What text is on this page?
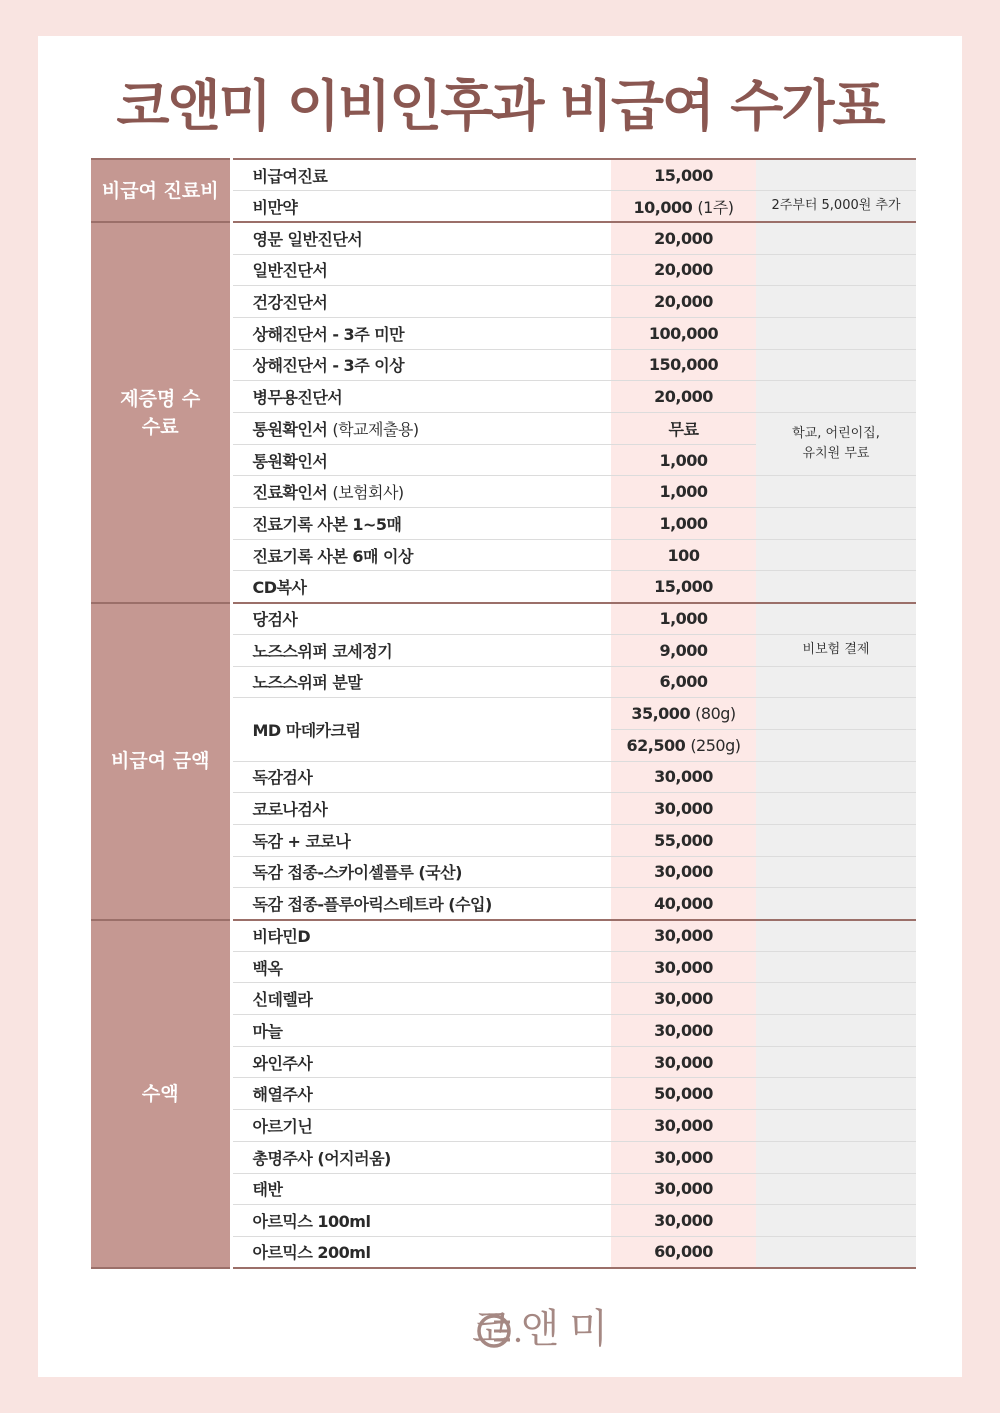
코앤미 이비인후과 비급여 수가표
비급여 진료비	비급여진료	15,000	
	비만약	10,000 (1주)	2주부터 5,000원 추가
제증명 수수료	영문 일반진단서	20,000	
	일반진단서	20,000	
	건강진단서	20,000	
	상해진단서 - 3주 미만	100,000	
	상해진단서 - 3주 이상	150,000	
	병무용진단서	20,000	
	통원확인서 (학교제출용)	무료	학교, 어린이집, 유치원 무료
	통원확인서	1,000	
	진료확인서 (보험회사)	1,000	
	진료기록 사본 1~5매	1,000	
	진료기록 사본 6매 이상	100	
	CD복사	15,000	
비급여 금액	당검사	1,000	
	노즈스위퍼 코세정기	9,000	비보험 결제
	노즈스위퍼 분말	6,000	
	MD 마데카크림	35,000 (80g)	
		62,500 (250g)	
	독감검사	30,000	
	코로나검사	30,000	
	독감 + 코로나	55,000	
	독감 접종-스카이셀플루 (국산)	30,000	
	독감 접종-플루아릭스테트라 (수입)	40,000	
수액	비타민D	30,000	
	백옥	30,000	
	신데렐라	30,000	
	마늘	30,000	
	와인주사	30,000	
	해열주사	50,000	
	아르기닌	30,000	
	총명주사 (어지러움)	30,000	
	태반	30,000	
	아르믹스 100ml	30,000	
	아르믹스 200ml	60,000	
코앤미
